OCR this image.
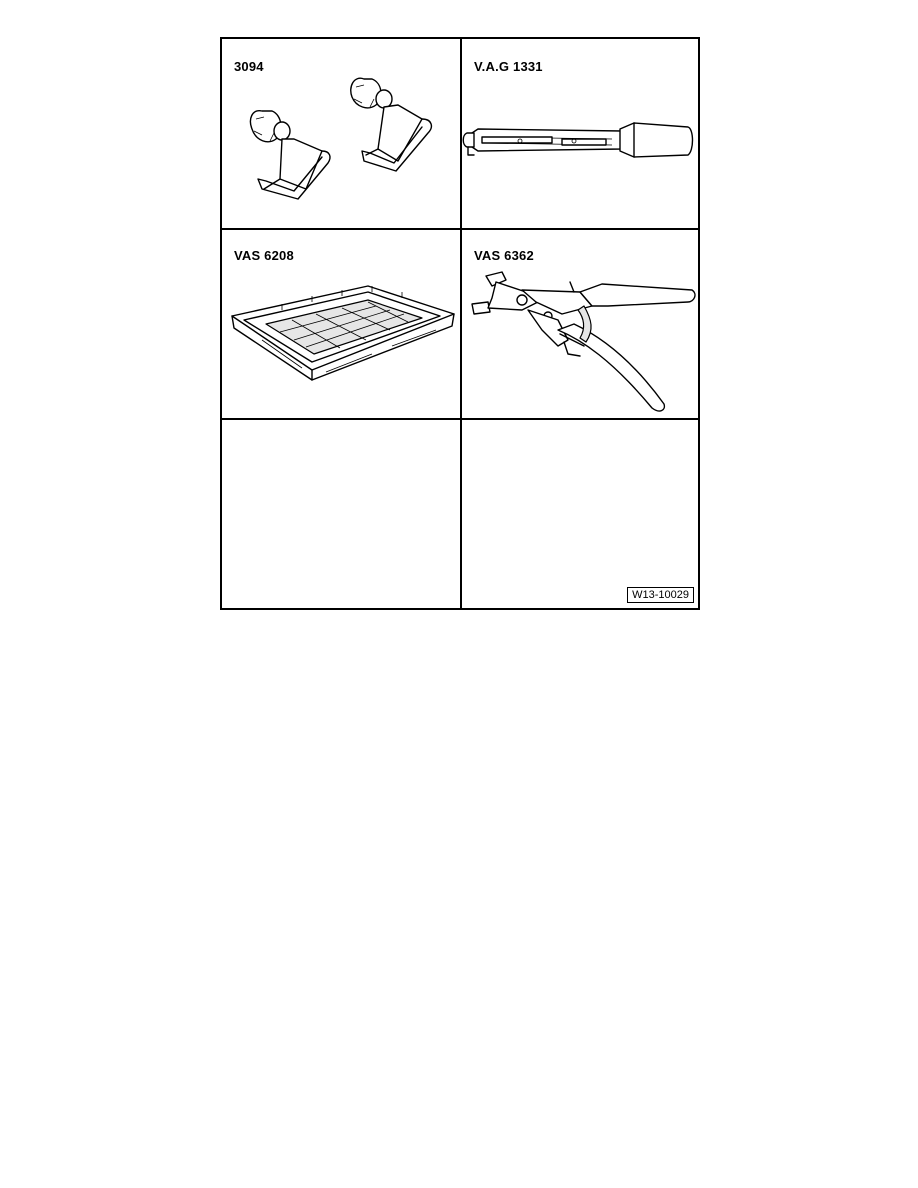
3094	V.A.G 1331
VAS 6208	VAS 6362
W13-10029
